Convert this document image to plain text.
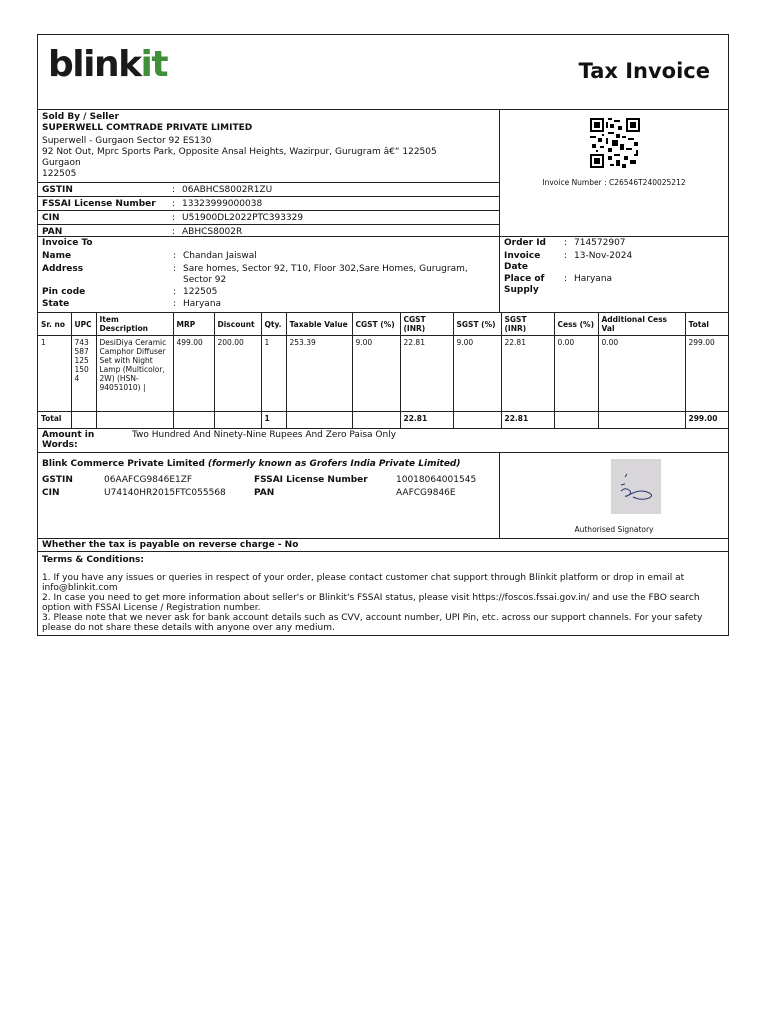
blinkit	Tax Invoice
Sold By / Seller
SUPERWELL COMTRADE PRIVATE LIMITED
Superwell - Gurgaon Sector 92 ES130
92 Not Out, Mprc Sports Park, Opposite Ansal Heights, Wazirpur, Gurugram â€“ 122505
Gurgaon
122505
GSTIN	: 06ABHCS8002R1ZU
FSSAI License Number	: 13323999000038
CIN	: U51900DL2022PTC393329
PAN	: ABHCS8002R
Invoice Number : C26546T240025212
Invoice To
Name	: Chandan Jaiswal
Address	: Sare homes, Sector 92, T10, Floor 302,Sare Homes, Gurugram, Sector 92
Pin code	: 122505
State	: Haryana
Order Id	: 714572907
Invoice Date
: 13-Nov-2024
Place of Supply
: Haryana
Sr. no	UPC	Item Description	MRP	Discount	Qty.	Taxable Value	CGST (%)	CGST (INR)	SGST (%)	SGST (INR)	Cess (%)	Additional Cess Val	Total
1	743 587 125 150 4	DesiDiya Ceramic Camphor Diffuser Set with Night Lamp (Multicolor, 2W) (HSN-94051010) |	499.00	200.00	1	253.39	9.00	22.81	9.00	22.81	0.00	0.00	299.00
Total					1			22.81		22.81			299.00
Amount in Words:
Two Hundred And Ninety-Nine Rupees And Zero Paisa Only
Blink Commerce Private Limited (formerly known as Grofers India Private Limited)
GSTIN	06AAFCG9846E1ZF	FSSAI License Number	10018064001545
CIN	U74140HR2015FTC055568	PAN	AAFCG9846E
Authorised Signatory
Whether the tax is payable on reverse charge - No

Terms & Conditions:

1. If you have any issues or queries in respect of your order, please contact customer chat support through Blinkit platform or drop in email at info@blinkit.com

2. In case you need to get more information about seller's or Blinkit's FSSAI status, please visit https://foscos.fssai.gov.in/ and use the FBO search option with FSSAI License / Registration number.

3. Please note that we never ask for bank account details such as CVV, account number, UPI Pin, etc. across our support channels. For your safety please do not share these details with anyone over any medium.
